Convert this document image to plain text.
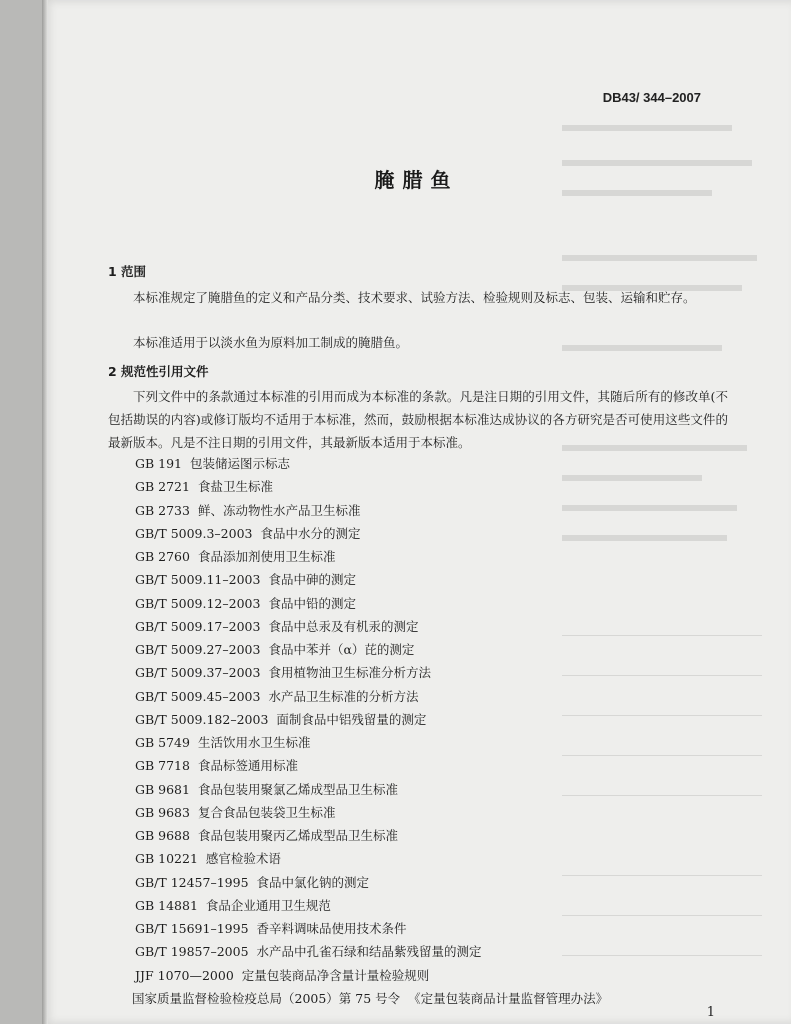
DB43/ 344–2007
腌腊鱼
1 范围
本标准规定了腌腊鱼的定义和产品分类、技术要求、试验方法、检验规则及标志、包装、运输和贮存。
本标准适用于以淡水鱼为原料加工制成的腌腊鱼。
2 规范性引用文件
下列文件中的条款通过本标准的引用而成为本标准的条款。凡是注日期的引用文件，其随后所有的修改单(不包括勘误的内容)或修订版均不适用于本标准，然而，鼓励根据本标准达成协议的各方研究是否可使用这些文件的最新版本。凡是不注日期的引用文件，其最新版本适用于本标准。
GB 191 包装储运图示标志
GB 2721 食盐卫生标准
GB 2733 鲜、冻动物性水产品卫生标准
GB/T 5009.3–2003 食品中水分的测定
GB 2760 食品添加剂使用卫生标准
GB/T 5009.11–2003 食品中砷的测定
GB/T 5009.12–2003 食品中铅的测定
GB/T 5009.17–2003 食品中总汞及有机汞的测定
GB/T 5009.27–2003 食品中苯并（α）芘的测定
GB/T 5009.37–2003 食用植物油卫生标准分析方法
GB/T 5009.45–2003 水产品卫生标准的分析方法
GB/T 5009.182–2003 面制食品中铝残留量的测定
GB 5749 生活饮用水卫生标准
GB 7718 食品标签通用标准
GB 9681 食品包装用聚氯乙烯成型品卫生标准
GB 9683 复合食品包装袋卫生标准
GB 9688 食品包装用聚丙乙烯成型品卫生标准
GB 10221 感官检验术语
GB/T 12457–1995 食品中氯化钠的测定
GB 14881 食品企业通用卫生规范
GB/T 15691–1995 香辛料调味品使用技术条件
GB/T 19857–2005 水产品中孔雀石绿和结晶紫残留量的测定
JJF 1070—2000 定量包装商品净含量计量检验规则
国家质量监督检验检疫总局（2005）第 75 号令 《定量包装商品计量监督管理办法》
1
